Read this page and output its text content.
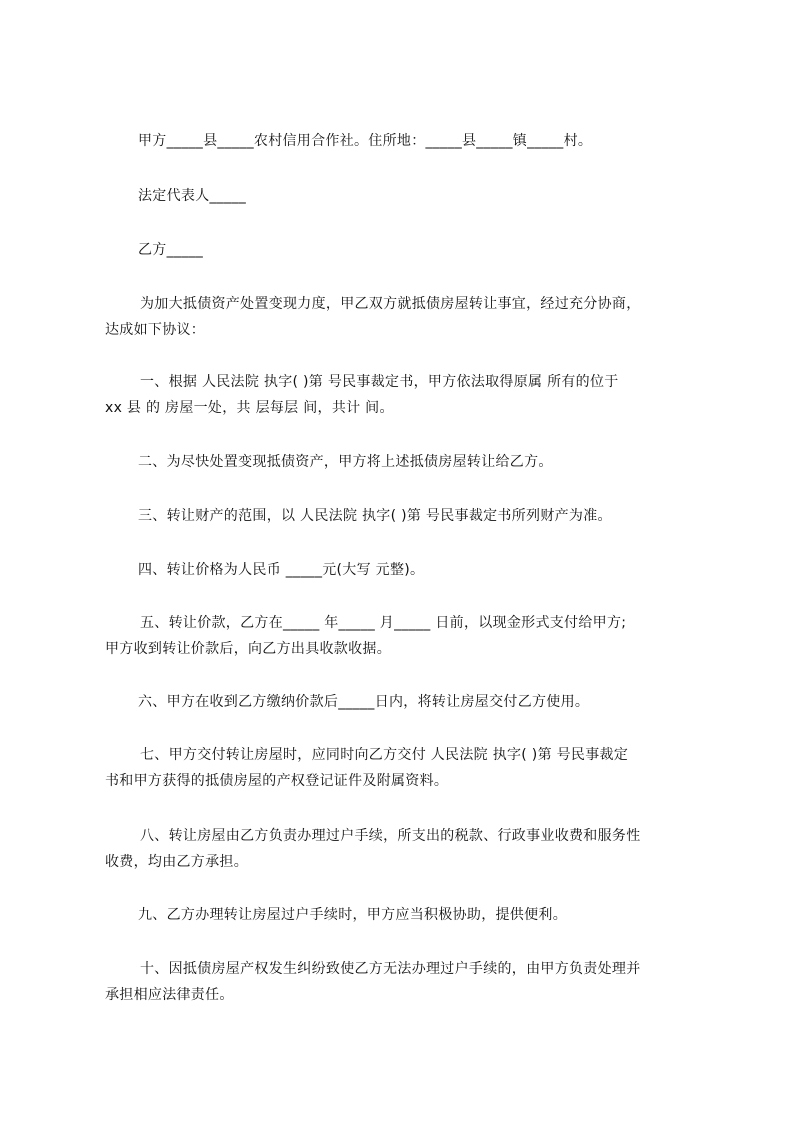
甲方_____县_____农村信用合作社。住所地：_____县_____镇_____村。
法定代表人_____
乙方_____
为加大抵债资产处置变现力度，甲乙双方就抵债房屋转让事宜，经过充分协商，
达成如下协议：
一、根据 人民法院 执字( )第 号民事裁定书，甲方依法取得原属 所有的位于
xx 县 的 房屋一处，共 层每层 间，共计 间。
二、为尽快处置变现抵债资产，甲方将上述抵债房屋转让给乙方。
三、转让财产的范围，以 人民法院 执字( )第 号民事裁定书所列财产为准。
四、转让价格为人民币 _____元(大写 元整)。
五、转让价款，乙方在_____ 年_____ 月_____ 日前，以现金形式支付给甲方;
甲方收到转让价款后，向乙方出具收款收据。
六、甲方在收到乙方缴纳价款后_____日内，将转让房屋交付乙方使用。
七、甲方交付转让房屋时，应同时向乙方交付 人民法院 执字( )第 号民事裁定
书和甲方获得的抵债房屋的产权登记证件及附属资料。
八、转让房屋由乙方负责办理过户手续，所支出的税款、行政事业收费和服务性
收费，均由乙方承担。
九、乙方办理转让房屋过户手续时，甲方应当积极协助，提供便利。
十、因抵债房屋产权发生纠纷致使乙方无法办理过户手续的，由甲方负责处理并
承担相应法律责任。
